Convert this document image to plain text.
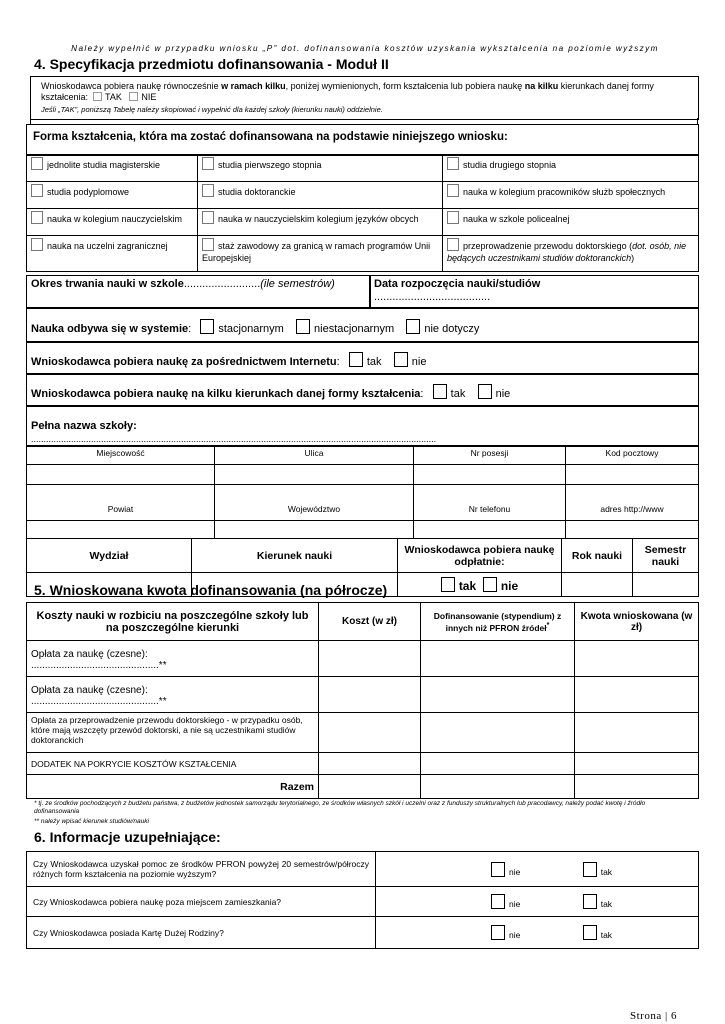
Należy wypełnić w przypadku wniosku „P” dot. dofinansowania kosztów uzyskania wykształcenia na poziomie wyższym
4. Specyfikacja przedmiotu dofinansowania - Moduł II
Wnioskodawca pobiera naukę równocześnie w ramach kilku, poniżej wymienionych, form kształcenia lub pobiera naukę na kilku kierunkach danej formy kształcenia: TAK NIE
Jeśli „TAK”, poniższą Tabelę należy skopiować i wypełnić dla każdej szkoły (kierunku nauki) oddzielnie.
Forma kształcenia, która ma zostać dofinansowana na podstawie niniejszego wniosku:
jednolite studia magisterskie	studia pierwszego stopnia	studia drugiego stopnia
studia podyplomowe	studia doktoranckie	nauka w kolegium pracowników służb społecznych
nauka w kolegium nauczycielskim	nauka w nauczycielskim kolegium języków obcych	nauka w szkole policealnej
nauka na uczelni zagranicznej	staż zawodowy za granicą w ramach programów Unii Europejskiej	przeprowadzenie przewodu doktorskiego (dot. osób, nie będących uczestnikami studiów doktoranckich)
Okres trwania nauki w szkole.........................(ile semestrów)	Data rozpoczęcia nauki/studiów
......................................
Nauka odbywa się w systemie: stacjonarnym	niestacjonarnym	nie dotyczy
Wnioskodawca pobiera naukę za pośrednictwem Internetu: tak	nie
Wnioskodawca pobiera naukę na kilku kierunkach danej formy kształcenia: tak	nie
Pełna nazwa szkoły:
..................................................................................................................................................................
Miejscowość	Ulica	Nr posesji	Kod pocztowy

Powiat	Województwo	Nr telefonu	adres http://www

Wydział	Kierunek nauki	Wnioskodawca pobiera naukę odpłatnie:	Rok nauki	Semestr nauki
		tak nie		
5. Wnioskowana kwota dofinansowania (na półrocze)
Koszty nauki w rozbiciu na poszczególne szkoły lub na poszczególne kierunki	Koszt (w zł)	Dofinansowanie (stypendium) z innych niż PFRON źródeł*	Kwota wnioskowana (w zł)
Opłata za naukę (czesne):
..............................................**			
Opłata za naukę (czesne):
..............................................**			
Opłata za przeprowadzenie przewodu doktorskiego - w przypadku osób, które mają wszczęty przewód doktorski, a nie są uczestnikami studiów doktoranckich			
DODATEK NA POKRYCIE KOSZTÓW KSZTAŁCENIA			
Razem			
* tj. ze środków pochodzących z budżetu państwa, z budżetów jednostek samorządu terytorialnego, ze środków własnych szkół i uczelni oraz z funduszy strukturalnych lub pracodawcy, należy podać kwotę i źródło dofinansowania
** należy wpisać kierunek studiów/nauki
6. Informacje uzupełniające:
Czy Wnioskodawca uzyskał pomoc ze środków PFRON powyżej 20 semestrów/półroczy różnych form kształcenia na poziomie wyższym?	nie tak
Czy Wnioskodawca pobiera naukę poza miejscem zamieszkania?	nie tak
Czy Wnioskodawca posiada Kartę Dużej Rodziny?	nie tak
Strona | 6
